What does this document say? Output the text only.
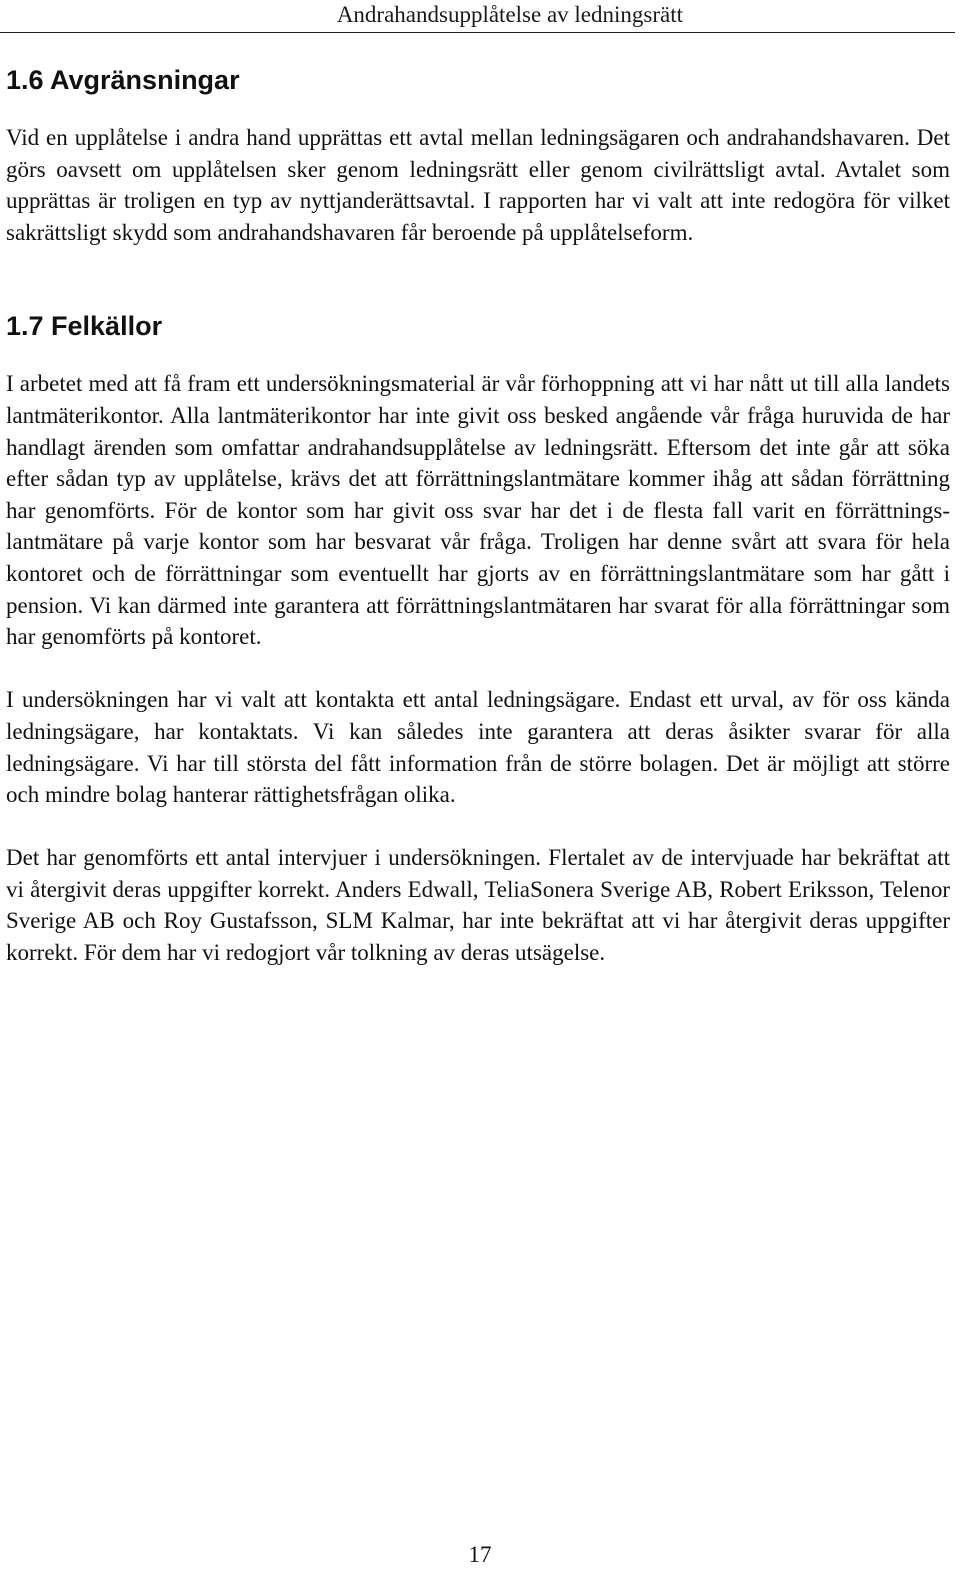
Andrahandsupplåtelse av ledningsrätt
1.6 Avgränsningar

Vid en upplåtelse i andra hand upprättas ett avtal mellan ledningsägaren och andrahandshavaren. Det görs oavsett om upplåtelsen sker genom ledningsrätt eller genom civilrättsligt avtal. Avtalet som upprättas är troligen en typ av nyttjanderättsavtal. I rapporten har vi valt att inte redogöra för vilket sakrättsligt skydd som andrahandshavaren får beroende på upplåtelseform.

1.7 Felkällor

I arbetet med att få fram ett undersökningsmaterial är vår förhoppning att vi har nått ut till alla landets lantmäterikontor. Alla lantmäterikontor har inte givit oss besked angående vår fråga huruvida de har handlagt ärenden som omfattar andrahandsupplåtelse av ledningsrätt. Eftersom det inte går att söka efter sådan typ av upplåtelse, krävs det att förrättningslantmätare kommer ihåg att sådan förrättning har genomförts. För de kontor som har givit oss svar har det i de flesta fall varit en förrättningslantmätare på varje kontor som har besvarat vår fråga. Troligen har denne svårt att svara för hela kontoret och de förrättningar som eventuellt har gjorts av en förrättningslantmätare som har gått i pension. Vi kan därmed inte garantera att förrättningslantmätaren har svarat för alla förrättningar som har genomförts på kontoret.

I undersökningen har vi valt att kontakta ett antal ledningsägare. Endast ett urval, av för oss kända ledningsägare, har kontaktats. Vi kan således inte garantera att deras åsikter svarar för alla ledningsägare. Vi har till största del fått information från de större bolagen. Det är möjligt att större och mindre bolag hanterar rättighetsfrågan olika.

Det har genomförts ett antal intervjuer i undersökningen. Flertalet av de intervjuade har bekräftat att vi återgivit deras uppgifter korrekt. Anders Edwall, TeliaSonera Sverige AB, Robert Eriksson, Telenor Sverige AB och Roy Gustafsson, SLM Kalmar, har inte bekräftat att vi har återgivit deras uppgifter korrekt. För dem har vi redogjort vår tolkning av deras utsägelse.

17
